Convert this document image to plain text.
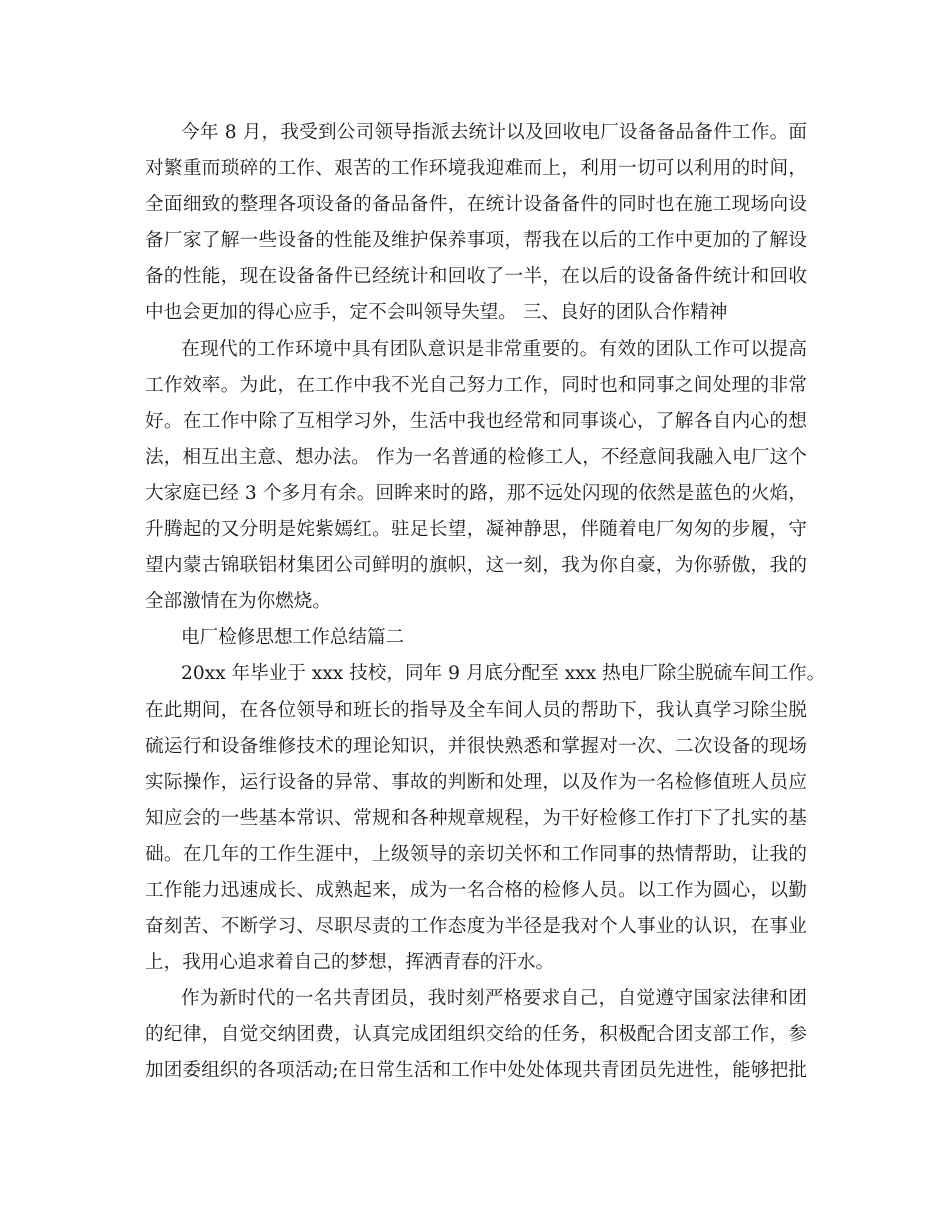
今年 8 月，我受到公司领导指派去统计以及回收电厂设备备品备件工作。面
对繁重而琐碎的工作、艰苦的工作环境我迎难而上，利用一切可以利用的时间，
全面细致的整理各项设备的备品备件，在统计设备备件的同时也在施工现场向设
备厂家了解一些设备的性能及维护保养事项，帮我在以后的工作中更加的了解设
备的性能，现在设备备件已经统计和回收了一半，在以后的设备备件统计和回收
中也会更加的得心应手，定不会叫领导失望。 三、良好的团队合作精神
在现代的工作环境中具有团队意识是非常重要的。有效的团队工作可以提高
工作效率。为此，在工作中我不光自己努力工作，同时也和同事之间处理的非常
好。在工作中除了互相学习外，生活中我也经常和同事谈心，了解各自内心的想
法，相互出主意、想办法。 作为一名普通的检修工人，不经意间我融入电厂这个
大家庭已经 3 个多月有余。回眸来时的路，那不远处闪现的依然是蓝色的火焰，
升腾起的又分明是姹紫嫣红。驻足长望，凝神静思，伴随着电厂匆匆的步履，守
望内蒙古锦联铝材集团公司鲜明的旗帜，这一刻，我为你自豪，为你骄傲，我的
全部激情在为你燃烧。
电厂检修思想工作总结篇二
20xx 年毕业于 xxx 技校，同年 9 月底分配至 xxx 热电厂除尘脱硫车间工作。
在此期间，在各位领导和班长的指导及全车间人员的帮助下，我认真学习除尘脱
硫运行和设备维修技术的理论知识，并很快熟悉和掌握对一次、二次设备的现场
实际操作，运行设备的异常、事故的判断和处理，以及作为一名检修值班人员应
知应会的一些基本常识、常规和各种规章规程，为干好检修工作打下了扎实的基
础。在几年的工作生涯中，上级领导的亲切关怀和工作同事的热情帮助，让我的
工作能力迅速成长、成熟起来，成为一名合格的检修人员。以工作为圆心，以勤
奋刻苦、不断学习、尽职尽责的工作态度为半径是我对个人事业的认识，在事业
上，我用心追求着自己的梦想，挥洒青春的汗水。
作为新时代的一名共青团员，我时刻严格要求自己，自觉遵守国家法律和团
的纪律，自觉交纳团费，认真完成团组织交给的任务，积极配合团支部工作，参
加团委组织的各项活动;在日常生活和工作中处处体现共青团员先进性，能够把批
